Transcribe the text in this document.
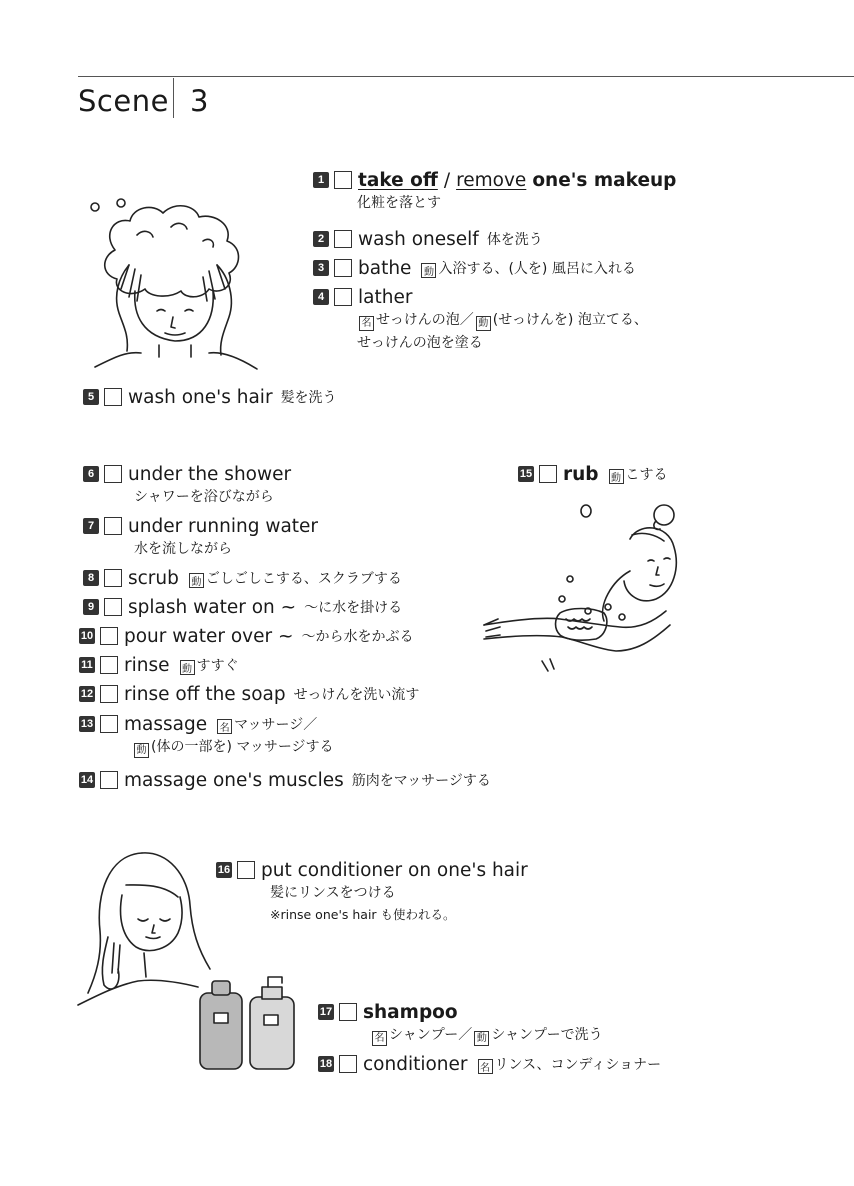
Scene 3
1 take off / remove one's makeup
化粧を落とす
2 wash oneself 体を洗う
3 bathe	動 入浴する、(人を) 風呂に入れる
4 lather
名 せっけんの泡／ 動 (せっけんを) 泡立てる、
せっけんの泡を塗る
5 wash one's hair 髪を洗う
6 under the shower
シャワーを浴びながら
7 under running water
水を流しながら
8 scrub	動 ごしごしこする、スクラブする
9 splash water on ~ 〜に水を掛ける
10 pour water over ~ 〜から水をかぶる
11 rinse	動 すすぐ
12 rinse off the soap せっけんを洗い流す
13 massage	名 マッサージ／
動 (体の一部を) マッサージする
14 massage one's muscles 筋肉をマッサージする
15 rub	動 こする
16 put conditioner on one's hair
髪にリンスをつける
※rinse one's hair も使われる。
17 shampoo
名 シャンプー／ 動 シャンプーで洗う
18 conditioner	名 リンス、コンディショナー
